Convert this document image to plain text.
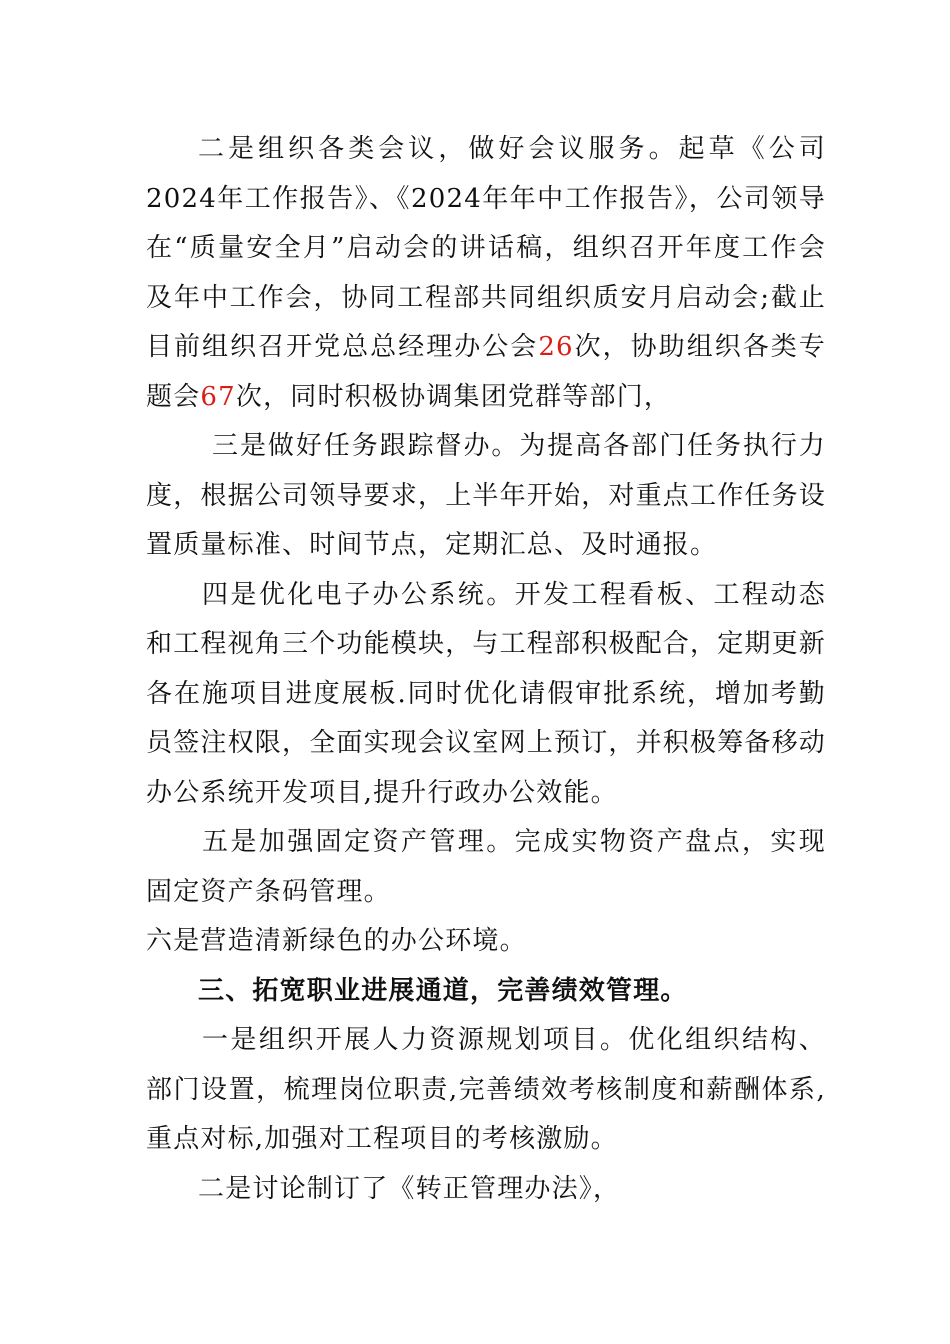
二是组织各类会议，做好会议服务。起草《公司2024年工作报告》、《2024年年中工作报告》，公司领导在“质量安全月”启动会的讲话稿，组织召开年度工作会及年中工作会，协同工程部共同组织质安月启动会;截止目前组织召开党总总经理办公会26次，协助组织各类专题会67次，同时积极协调集团党群等部门，

三是做好任务跟踪督办。为提高各部门任务执行力度，根据公司领导要求，上半年开始，对重点工作任务设置质量标准、时间节点，定期汇总、及时通报。

四是优化电子办公系统。开发工程看板、工程动态和工程视角三个功能模块，与工程部积极配合，定期更新各在施项目进度展板.同时优化请假审批系统，增加考勤员签注权限，全面实现会议室网上预订，并积极筹备移动办公系统开发项目,提升行政办公效能。

五是加强固定资产管理。完成实物资产盘点，实现固定资产条码管理。

六是营造清新绿色的办公环境。

三、拓宽职业进展通道，完善绩效管理。

一是组织开展人力资源规划项目。优化组织结构、部门设置，梳理岗位职责,完善绩效考核制度和薪酬体系,重点对标,加强对工程项目的考核激励。

二是讨论制订了《转正管理办法》，
